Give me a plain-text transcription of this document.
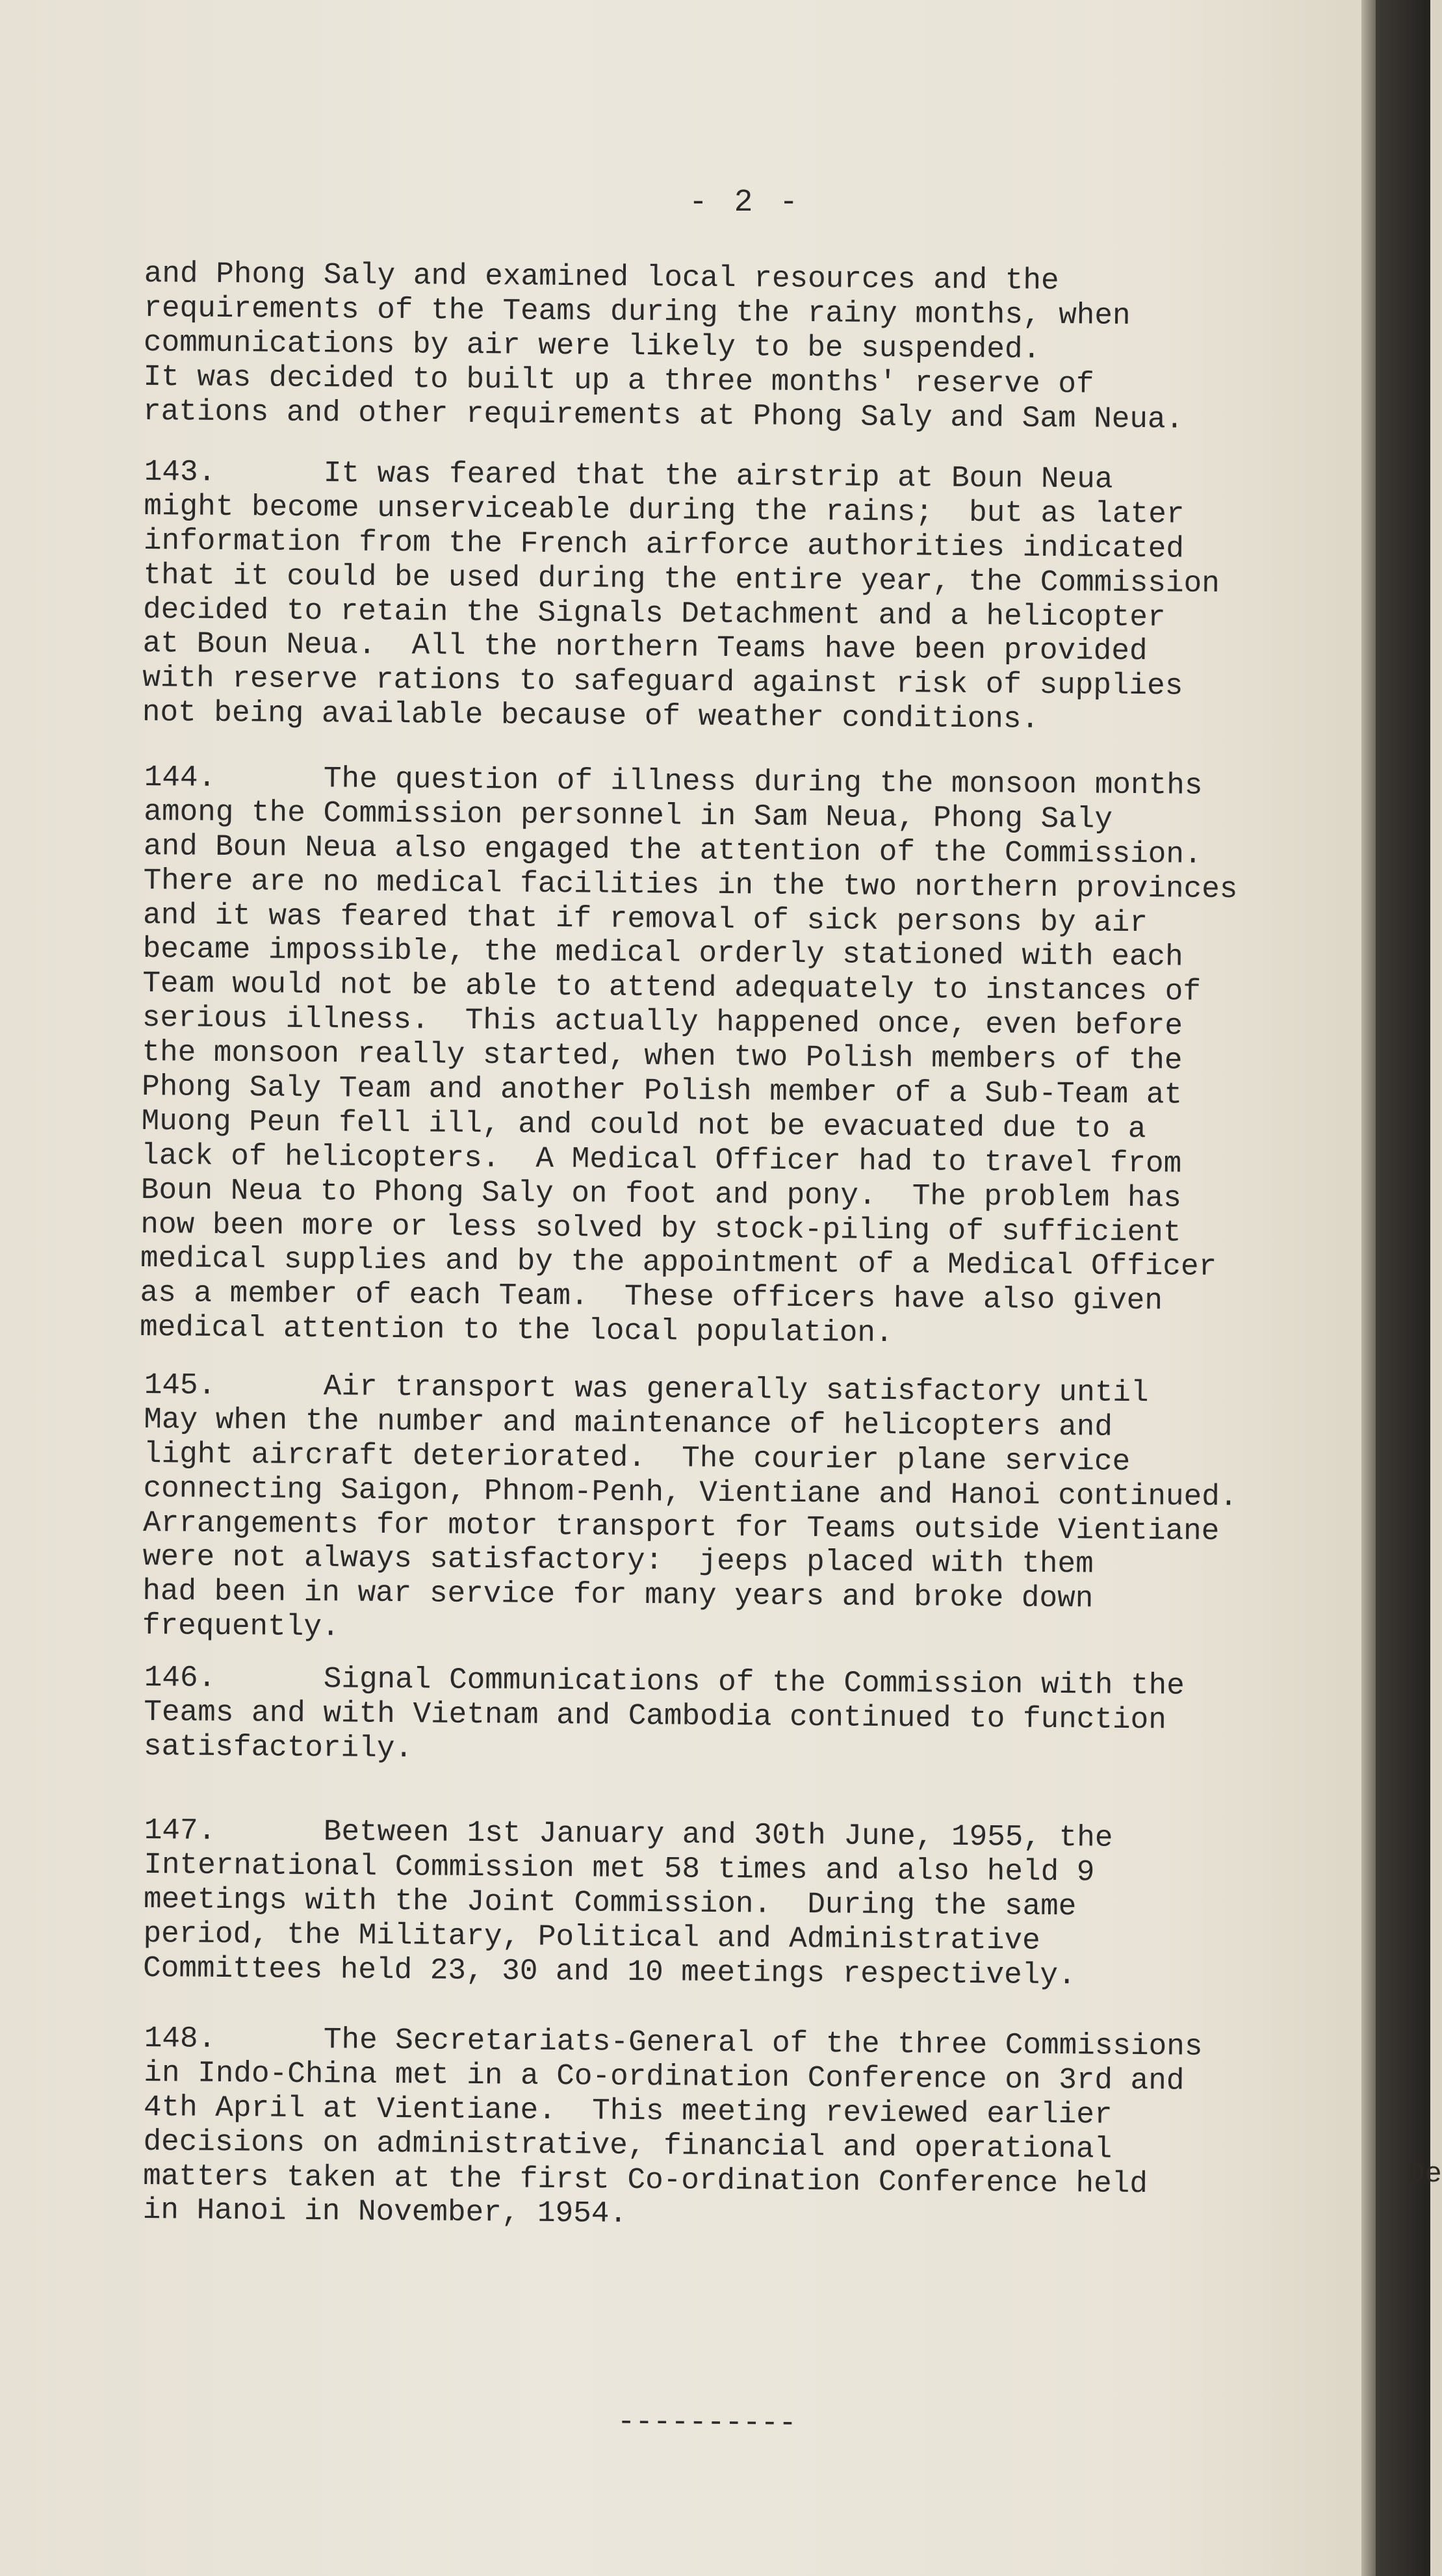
De
- 2 -

and Phong Saly and examined local resources and the
requirements of the Teams during the rainy months, when
communications by air were likely to be suspended.
It was decided to built up a three months' reserve of
rations and other requirements at Phong Saly and Sam Neua.

143.      It was feared that the airstrip at Boun Neua
might become unserviceable during the rains;  but as later
information from the French airforce authorities indicated
that it could be used during the entire year, the Commission
decided to retain the Signals Detachment and a helicopter
at Boun Neua.  All the northern Teams have been provided
with reserve rations to safeguard against risk of supplies
not being available because of weather conditions.

144.      The question of illness during the monsoon months
among the Commission personnel in Sam Neua, Phong Saly
and Boun Neua also engaged the attention of the Commission.
There are no medical facilities in the two northern provinces
and it was feared that if removal of sick persons by air
became impossible, the medical orderly stationed with each
Team would not be able to attend adequately to instances of
serious illness.  This actually happened once, even before
the monsoon really started, when two Polish members of the
Phong Saly Team and another Polish member of a Sub-Team at
Muong Peun fell ill, and could not be evacuated due to a
lack of helicopters.  A Medical Officer had to travel from
Boun Neua to Phong Saly on foot and pony.  The problem has
now been more or less solved by stock-piling of sufficient
medical supplies and by the appointment of a Medical Officer
as a member of each Team.  These officers have also given
medical attention to the local population.

145.      Air transport was generally satisfactory until
May when the number and maintenance of helicopters and
light aircraft deteriorated.  The courier plane service
connecting Saigon, Phnom-Penh, Vientiane and Hanoi continued.
Arrangements for motor transport for Teams outside Vientiane
were not always satisfactory:  jeeps placed with them
had been in war service for many years and broke down
frequently.

146.      Signal Communications of the Commission with the
Teams and with Vietnam and Cambodia continued to function
satisfactorily.

147.      Between 1st January and 30th June, 1955, the
International Commission met 58 times and also held 9
meetings with the Joint Commission.  During the same
period, the Military, Political and Administrative
Committees held 23, 30 and 10 meetings respectively.

148.      The Secretariats-General of the three Commissions
in Indo-China met in a Co-ordination Conference on 3rd and
4th April at Vientiane.  This meeting reviewed earlier
decisions on administrative, financial and operational
matters taken at the first Co-ordination Conference held
in Hanoi in November, 1954.

----------
